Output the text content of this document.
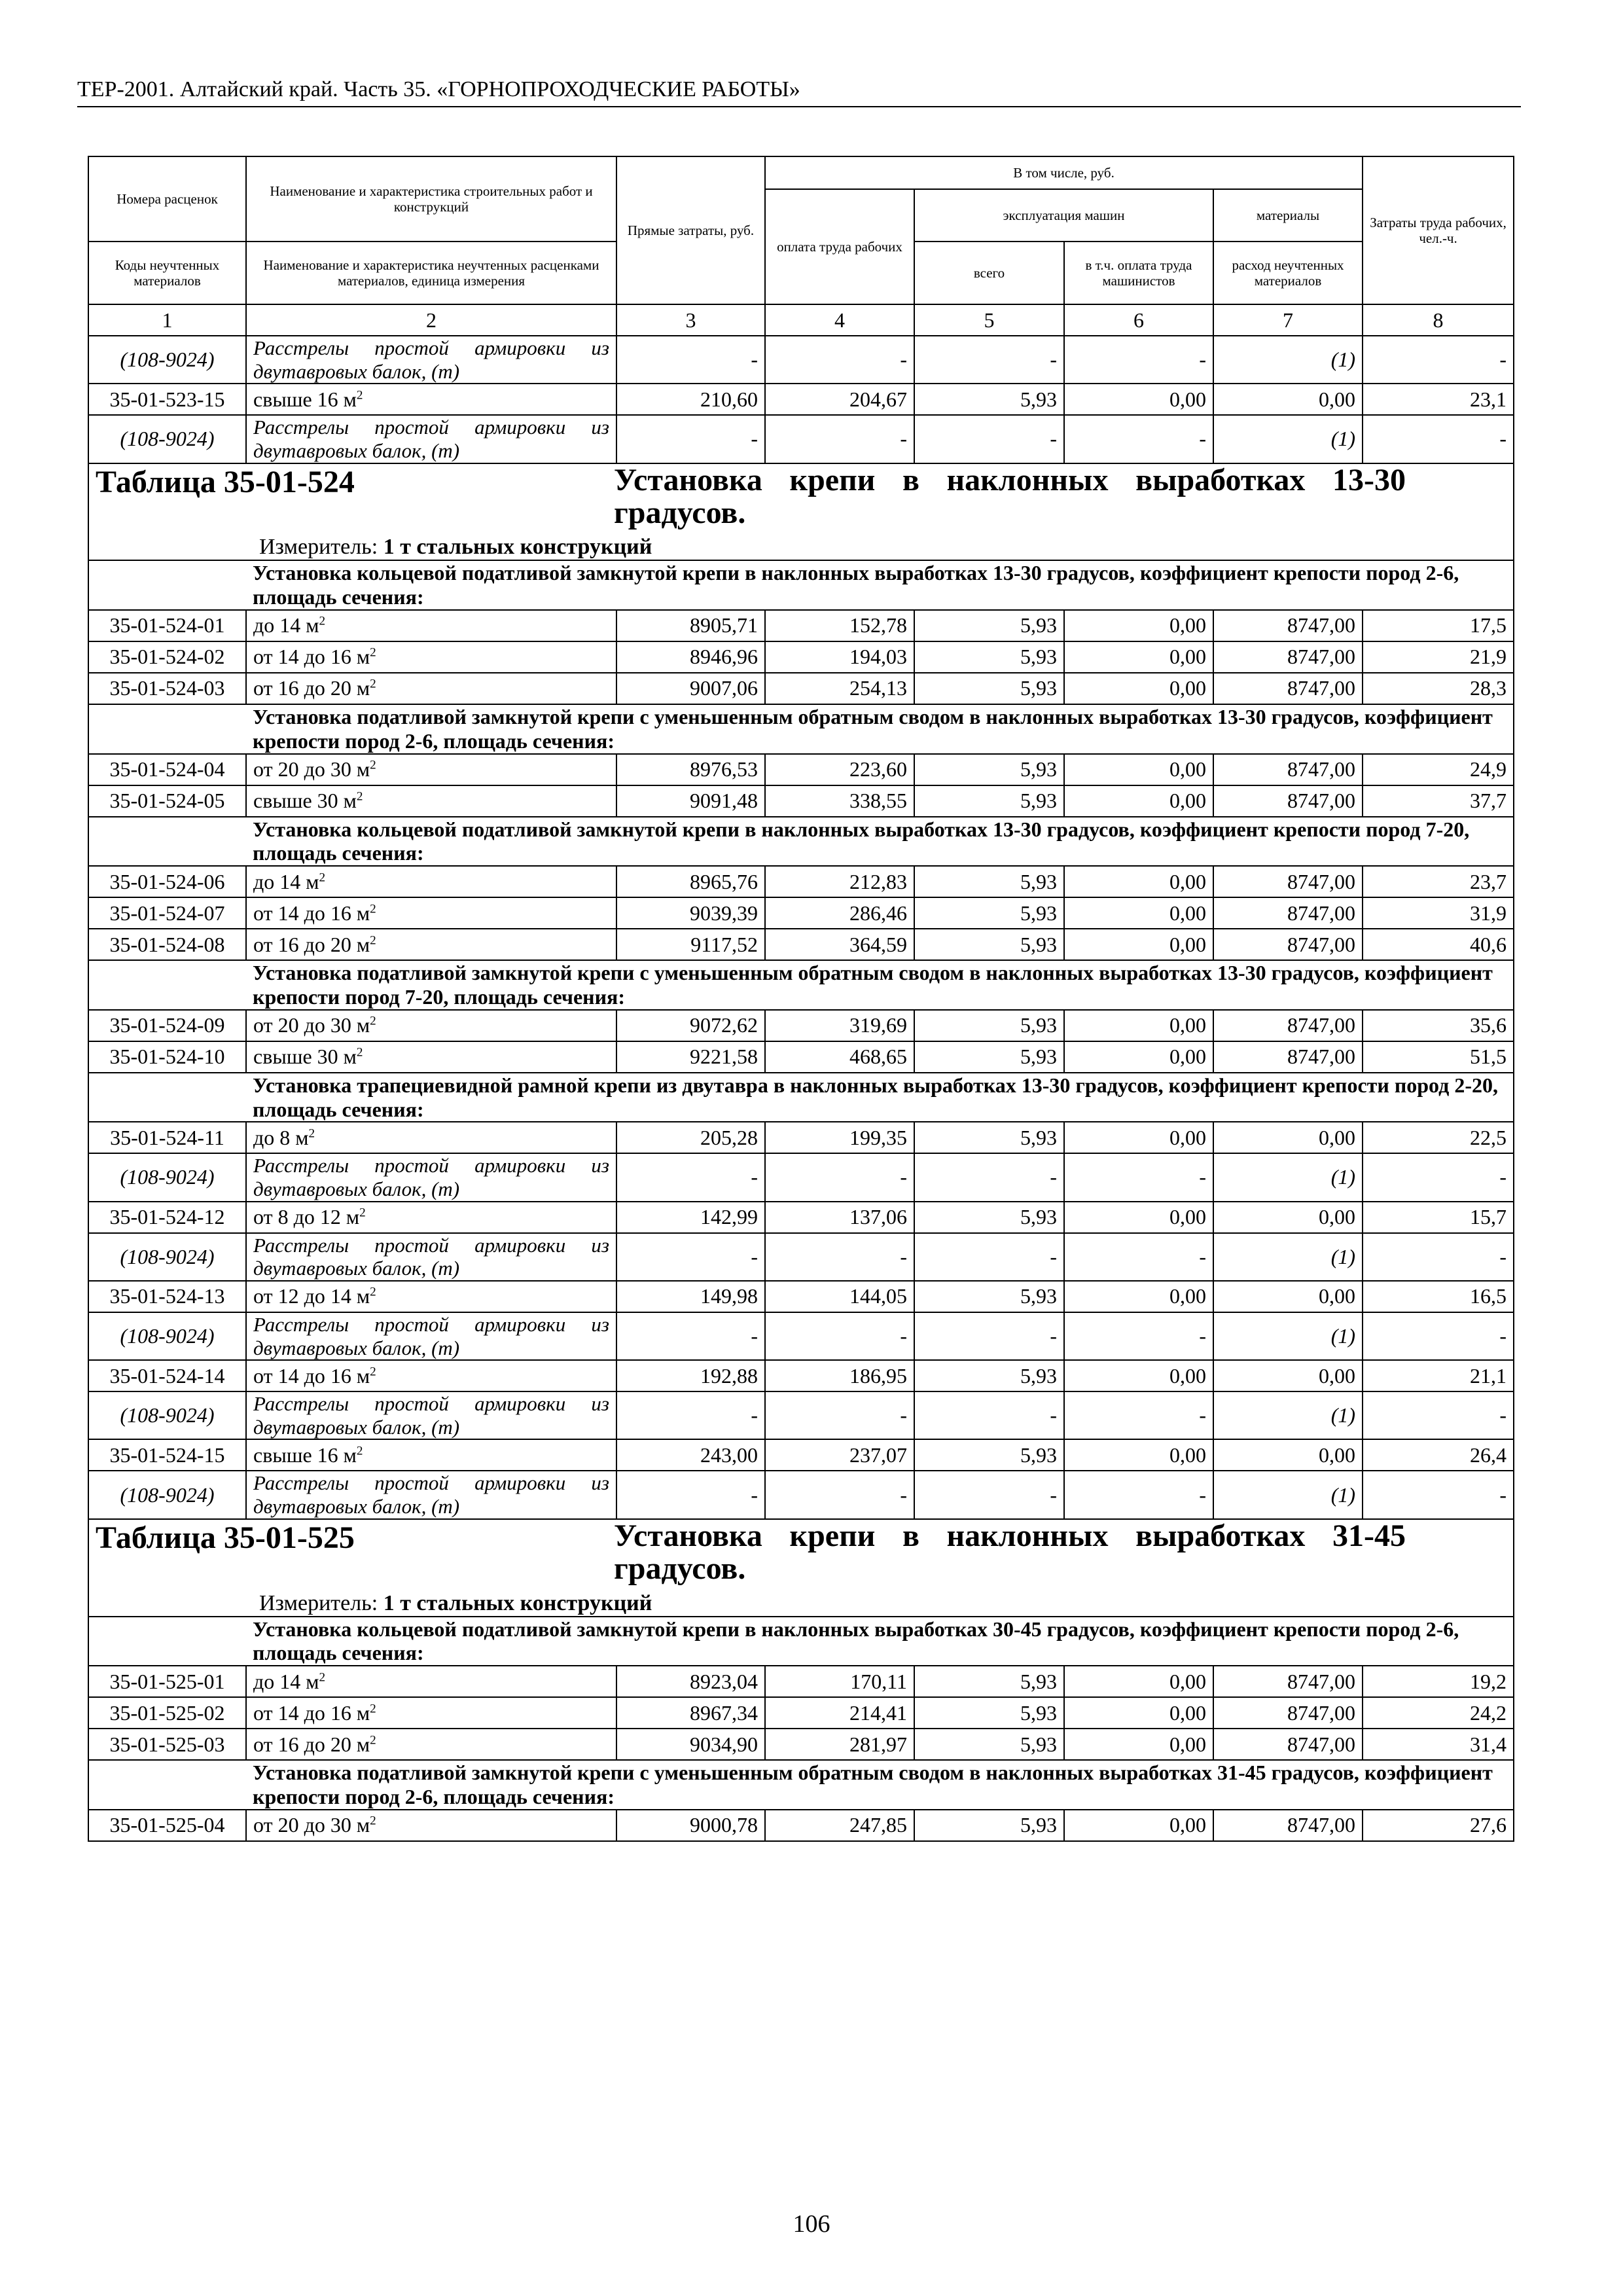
ТЕР-2001. Алтайский край. Часть 35. «ГОРНОПРОХОДЧЕСКИЕ РАБОТЫ»
Номера расценок	Наименование и характеристика строительных работ и конструкций	Прямые затраты, руб.	В том числе, руб.				Затраты труда рабочих, чел.-ч.
			оплата труда рабочих	эксплуатация машин		материалы	
Коды неучтенных материалов	Наименование и характеристика неучтенных расценками материалов, единица измерения			всего	в т.ч. оплата труда машинистов	расход неучтенных материалов	
1	2	3	4	5	6	7	8
(108-9024)	Расстрелы простой армировки из двутавровых балок, (т)	-	-	-	-	(1)	-
35-01-523-15	свыше 16 $м^2$	210,60	204,67	5,93	0,00	0,00	23,1
(108-9024)	Расстрелы простой армировки из двутавровых балок, (т)	-	-	-	-	(1)	-

Таблица 35-01-524 Установка крепи в наклонных выработках 13-30 градусов.
Измеритель: 1 т стальных конструкций							

	Установка кольцевой податливой замкнутой крепи в наклонных выработках 13-30 градусов, коэффициент крепости пород 2-6, площадь сечения:						
35-01-524-01	до 14 $м^2$	8905,71	152,78	5,93	0,00	8747,00	17,5
35-01-524-02	от 14 до 16 $м^2$	8946,96	194,03	5,93	0,00	8747,00	21,9
35-01-524-03	от 16 до 20 $м^2$	9007,06	254,13	5,93	0,00	8747,00	28,3
	Установка податливой замкнутой крепи с уменьшенным обратным сводом в наклонных выработках 13-30 градусов, коэффициент крепости пород 2-6, площадь сечения:						
35-01-524-04	от 20 до 30 $м^2$	8976,53	223,60	5,93	0,00	8747,00	24,9
35-01-524-05	свыше 30 $м^2$	9091,48	338,55	5,93	0,00	8747,00	37,7
	Установка кольцевой податливой замкнутой крепи в наклонных выработках 13-30 градусов, коэффициент крепости пород 7-20, площадь сечения:						
35-01-524-06	до 14 $м^2$	8965,76	212,83	5,93	0,00	8747,00	23,7
35-01-524-07	от 14 до 16 $м^2$	9039,39	286,46	5,93	0,00	8747,00	31,9
35-01-524-08	от 16 до 20 $м^2$	9117,52	364,59	5,93	0,00	8747,00	40,6
	Установка податливой замкнутой крепи с уменьшенным обратным сводом в наклонных выработках 13-30 градусов, коэффициент крепости пород 7-20, площадь сечения:						
35-01-524-09	от 20 до 30 $м^2$	9072,62	319,69	5,93	0,00	8747,00	35,6
35-01-524-10	свыше 30 $м^2$	9221,58	468,65	5,93	0,00	8747,00	51,5
	Установка трапециевидной рамной крепи из двутавра в наклонных выработках 13-30 градусов, коэффициент крепости пород 2-20, площадь сечения:						
35-01-524-11	до 8 $м^2$	205,28	199,35	5,93	0,00	0,00	22,5
(108-9024)	Расстрелы простой армировки из двутавровых балок, (т)	-	-	-	-	(1)	-
35-01-524-12	от 8 до 12 $м^2$	142,99	137,06	5,93	0,00	0,00	15,7
(108-9024)	Расстрелы простой армировки из двутавровых балок, (т)	-	-	-	-	(1)	-
35-01-524-13	от 12 до 14 $м^2$	149,98	144,05	5,93	0,00	0,00	16,5
(108-9024)	Расстрелы простой армировки из двутавровых балок, (т)	-	-	-	-	(1)	-
35-01-524-14	от 14 до 16 $м^2$	192,88	186,95	5,93	0,00	0,00	21,1
(108-9024)	Расстрелы простой армировки из двутавровых балок, (т)	-	-	-	-	(1)	-
35-01-524-15	свыше 16 $м^2$	243,00	237,07	5,93	0,00	0,00	26,4
(108-9024)	Расстрелы простой армировки из двутавровых балок, (т)	-	-	-	-	(1)	-

Таблица 35-01-525 Установка крепи в наклонных выработках 31-45 градусов.
Измеритель: 1 т стальных конструкций							

	Установка кольцевой податливой замкнутой крепи в наклонных выработках 30-45 градусов, коэффициент крепости пород 2-6, площадь сечения:						
35-01-525-01	до 14 $м^2$	8923,04	170,11	5,93	0,00	8747,00	19,2
35-01-525-02	от 14 до 16 $м^2$	8967,34	214,41	5,93	0,00	8747,00	24,2
35-01-525-03	от 16 до 20 $м^2$	9034,90	281,97	5,93	0,00	8747,00	31,4
	Установка податливой замкнутой крепи с уменьшенным обратным сводом в наклонных выработках 31-45 градусов, коэффициент крепости пород 2-6, площадь сечения:						
35-01-525-04	от 20 до 30 $м^2$	9000,78	247,85	5,93	0,00	8747,00	27,6
106
